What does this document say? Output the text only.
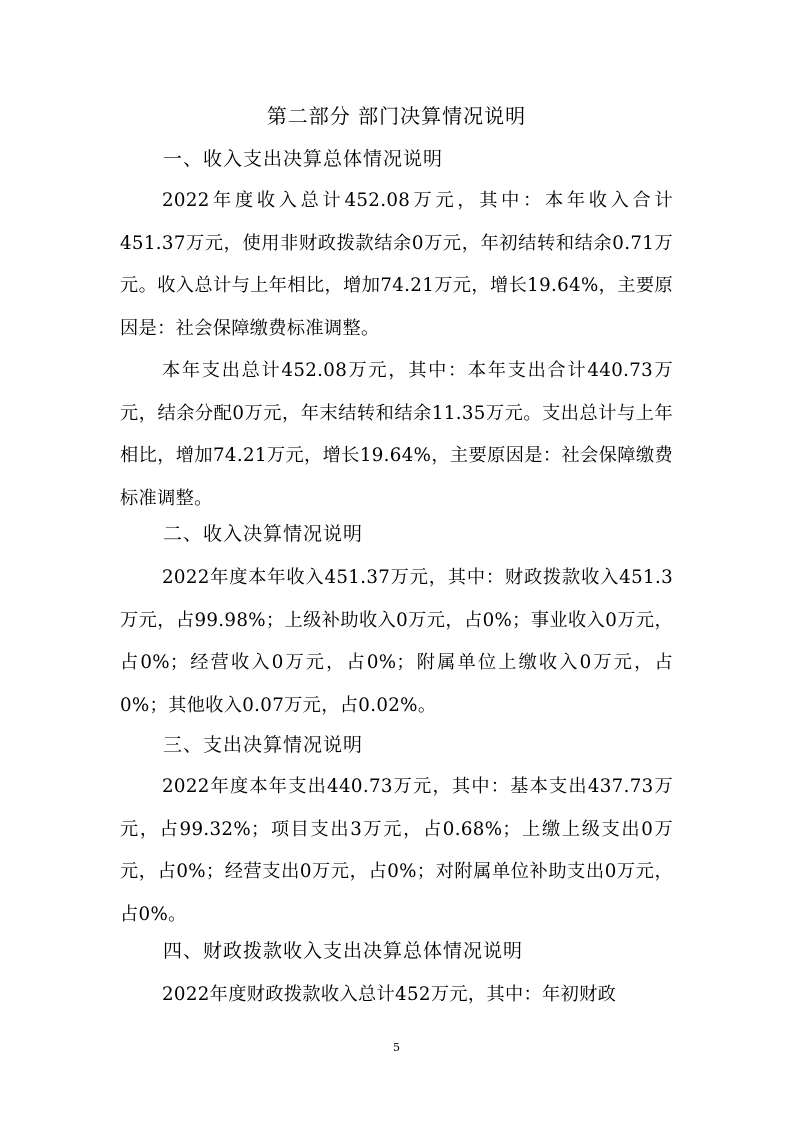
第二部分 部门决算情况说明
一、收入支出决算总体情况说明

2022年度收入总计452.08万元，其中：本年收入合计451.37万元，使用非财政拨款结余0万元，年初结转和结余0.71万元。收入总计与上年相比，增加74.21万元，增长19.64%，主要原因是：社会保障缴费标准调整。

本年支出总计452.08万元，其中：本年支出合计440.73万元，结余分配0万元，年末结转和结余11.35万元。支出总计与上年相比，增加74.21万元，增长19.64%，主要原因是：社会保障缴费标准调整。

二、收入决算情况说明

2022年度本年收入451.37万元，其中：财政拨款收入451.3万元，占99.98%；上级补助收入0万元，占0%；事业收入0万元，占0%；经营收入0万元，占0%；附属单位上缴收入0万元，占0%；其他收入0.07万元，占0.02%。

三、支出决算情况说明

2022年度本年支出440.73万元，其中：基本支出437.73万元，占99.32%；项目支出3万元，占0.68%；上缴上级支出0万元，占0%；经营支出0万元，占0%；对附属单位补助支出0万元，占0%。

四、财政拨款收入支出决算总体情况说明

2022年度财政拨款收入总计452万元，其中：年初财政

5
